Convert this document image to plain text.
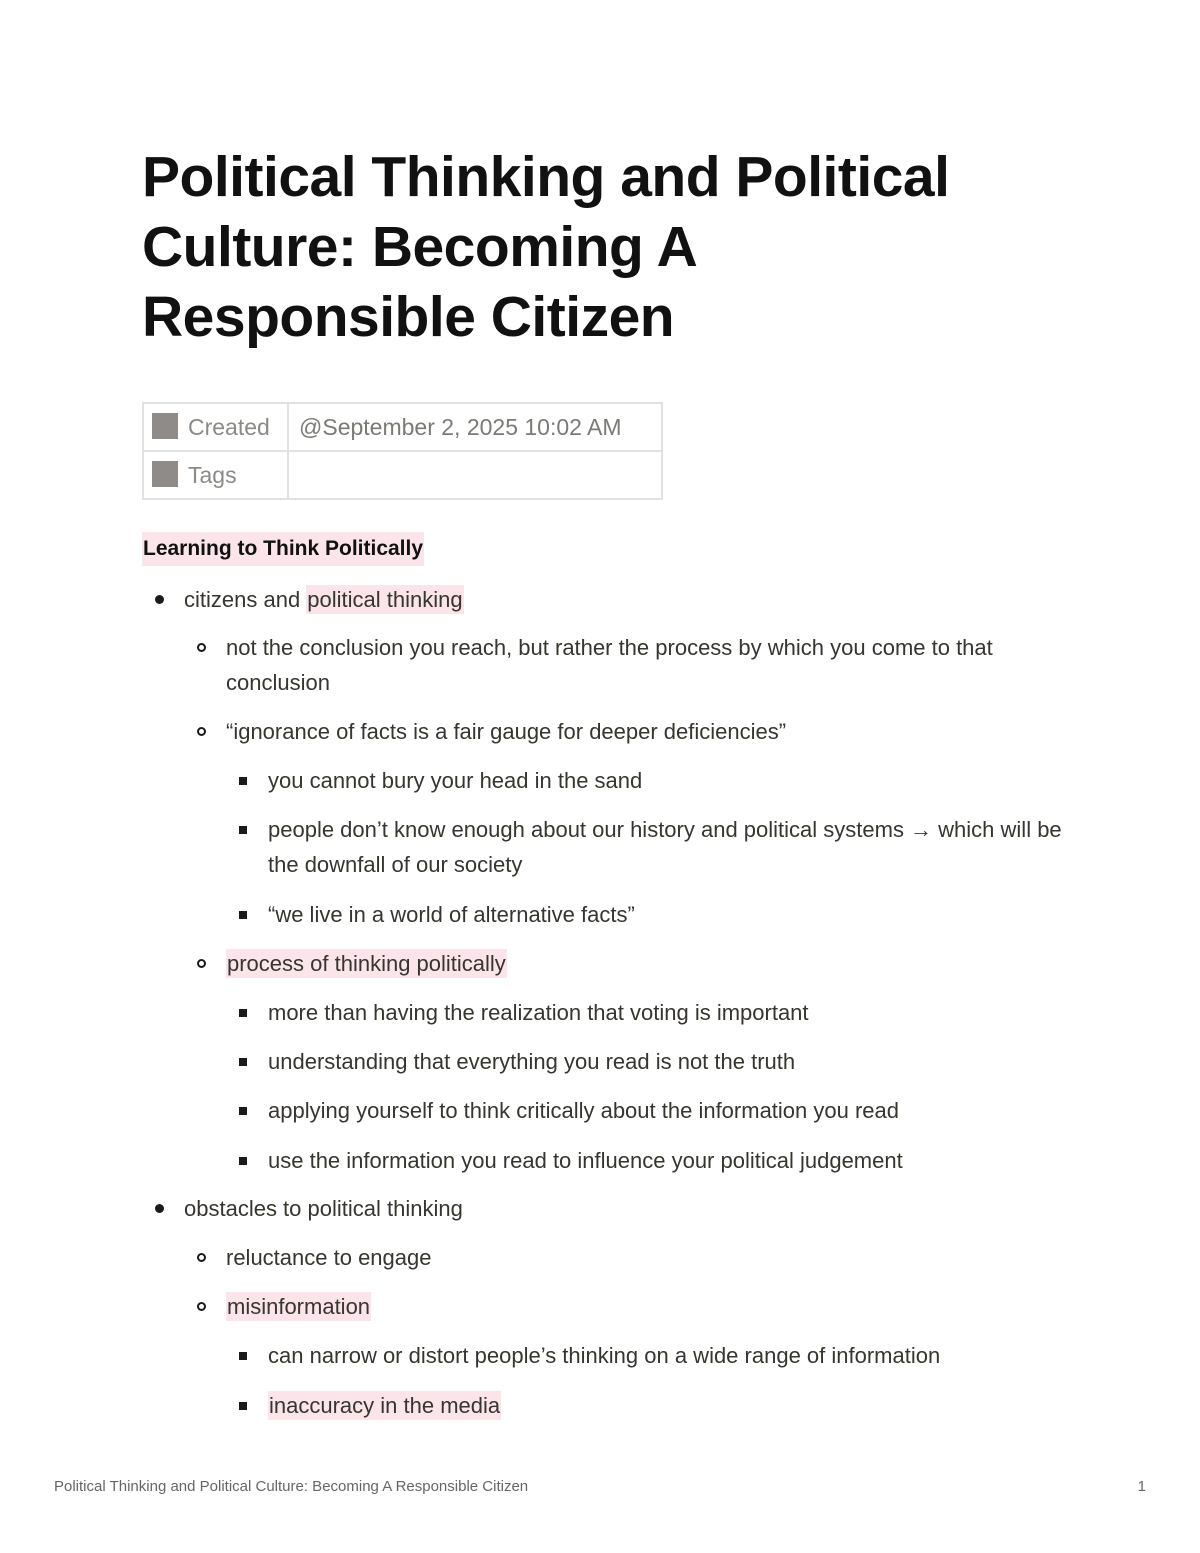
Political Thinking and Political Culture: Becoming A Responsible Citizen
Created	@September 2, 2025 10:02 AM
Tags	
Learning to Think Politically
citizens and political thinking
not the conclusion you reach, but rather the process by which you come to that conclusion
“ignorance of facts is a fair gauge for deeper deficiencies”
you cannot bury your head in the sand
people don’t know enough about our history and political systems → which will be the downfall of our society
“we live in a world of alternative facts”
process of thinking politically
more than having the realization that voting is important
understanding that everything you read is not the truth
applying yourself to think critically about the information you read
use the information you read to influence your political judgement
obstacles to political thinking
reluctance to engage
misinformation
can narrow or distort people’s thinking on a wide range of information
inaccuracy in the media
Political Thinking and Political Culture: Becoming A Responsible Citizen	1
